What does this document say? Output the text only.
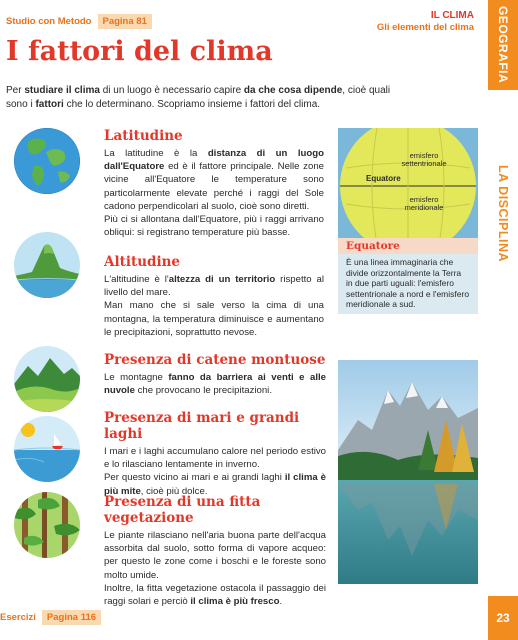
Studio con Metodo	Pagina 81
IL CLIMA
Gli elementi del clima GEOGRAFIA
LA DISCIPLINA
I fattori del clima

Per studiare il clima di un luogo è necessario capire da che cosa dipende, cioè quali sono i fattori che lo determinano. Scopriamo insieme i fattori del clima.

Latitudine

La latitudine è la distanza di un luogo dall'Equatore ed è il fattore principale. Nelle zone vicine all'Equatore le temperature sono particolarmente elevate perché i raggi del Sole cadono perpendicolari al suolo, cioè sono diretti.
Più ci si allontana dall'Equatore, più i raggi arrivano obliqui: si registrano temperature più basse.

Altitudine

L'altitudine è l'altezza di un territorio rispetto al livello del mare.
Man mano che si sale verso la cima di una montagna, la temperatura diminuisce e aumentano le precipitazioni, soprattutto nevose.

Presenza di catene montuose

Le montagne fanno da barriera ai venti e alle nuvole che provocano le precipitazioni.

Presenza di mari e grandi laghi

I mari e i laghi accumulano calore nel periodo estivo e lo rilasciano lentamente in inverno.
Per questo vicino ai mari e ai grandi laghi il clima è più mite, cioè più dolce.

Presenza di una fitta vegetazione

Le piante rilasciano nell'aria buona parte dell'acqua assorbita dal suolo, sotto forma di vapore acqueo: per questo le zone come i boschi e le foreste sono molto umide.
Inoltre, la fitta vegetazione ostacola il passaggio dei raggi solari e perciò il clima è più fresco.

emisfero settentrionale
Equatore
emisfero meridionale
Equatore
È una linea immaginaria che divide orizzontalmente la Terra in due parti uguali: l'emisfero settentrionale a nord e l'emisfero meridionale a sud.
Esercizi	Pagina 116	23
